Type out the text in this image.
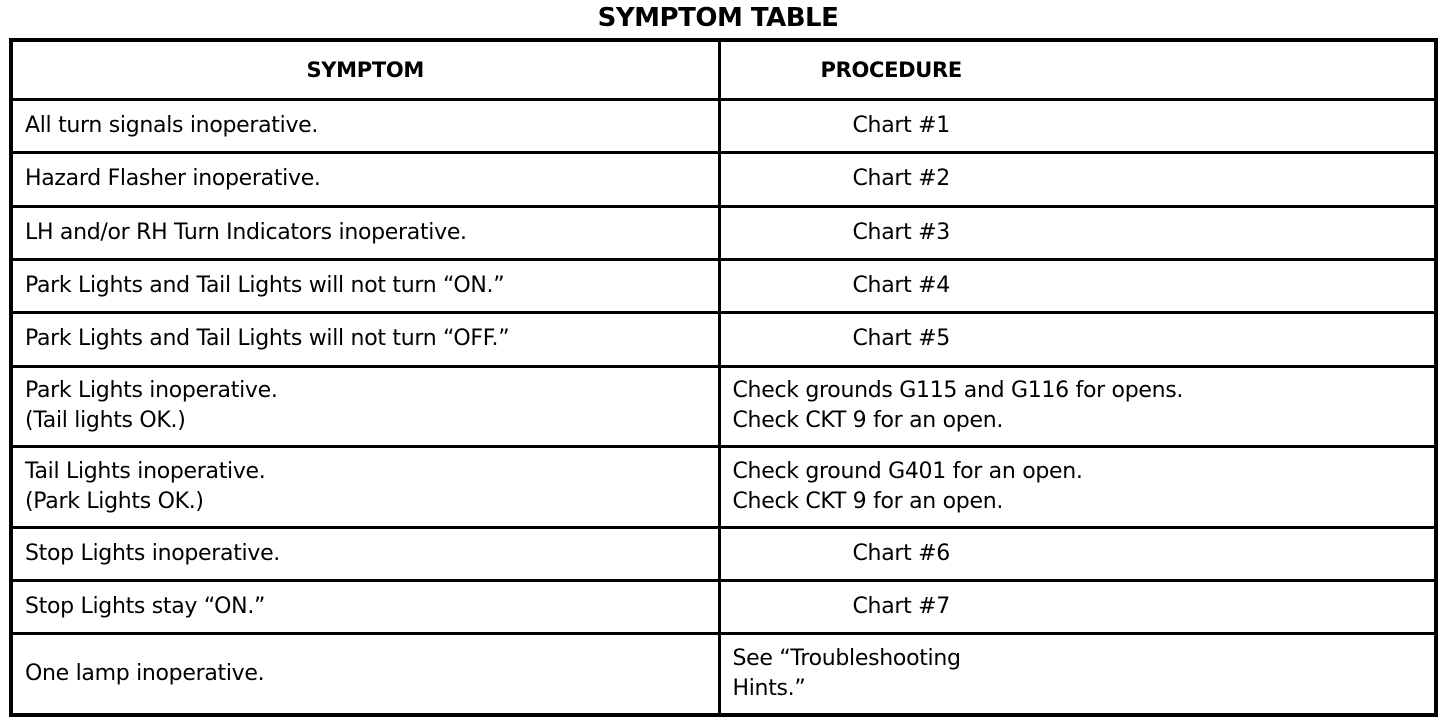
SYMPTOM TABLE
SYMPTOM	PROCEDURE

All turn signals inoperative.	Chart #1

Hazard Flasher inoperative.	Chart #2

LH and/or RH Turn Indicators inoperative.	Chart #3

Park Lights and Tail Lights will not turn “ON.”	Chart #4

Park Lights and Tail Lights will not turn “OFF.”	Chart #5

Park Lights inoperative.
(Tail lights OK.)	Check grounds G115 and G116 for opens.
Check CKT 9 for an open.

Tail Lights inoperative.
(Park Lights OK.)	Check ground G401 for an open.
Check CKT 9 for an open.

Stop Lights inoperative.	Chart #6

Stop Lights stay “ON.”	Chart #7

One lamp inoperative.	See “Troubleshooting
Hints.”
